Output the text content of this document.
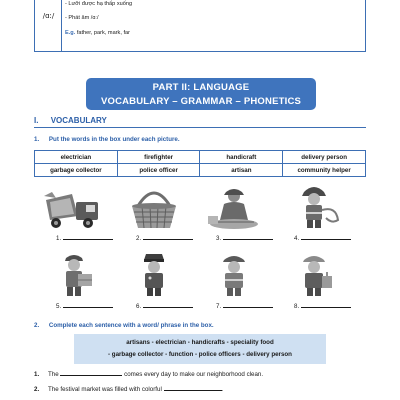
/ɑː/
- Lưỡi được hạ thấp xuống
- Phát âm /ɑː/
E.g. father, park, mark, far
PART II: LANGUAGE
VOCABULARY – GRAMMAR – PHONETICS
I. VOCABULARY
1. Put the words in the box under each picture.
electrician	firefighter	handicraft	delivery person
garbage collector	police officer	artisan	community helper
1.	2.	3.	4.
5.	6.	7.	8.
2. Complete each sentence with a word/ phrase in the box.
artisans - electrician - handicrafts - speciality food
- garbage collector - function - police officers - delivery person
1. The	comes every day to make our neighborhood clean.
2. The festival market was filled with colorful	.
